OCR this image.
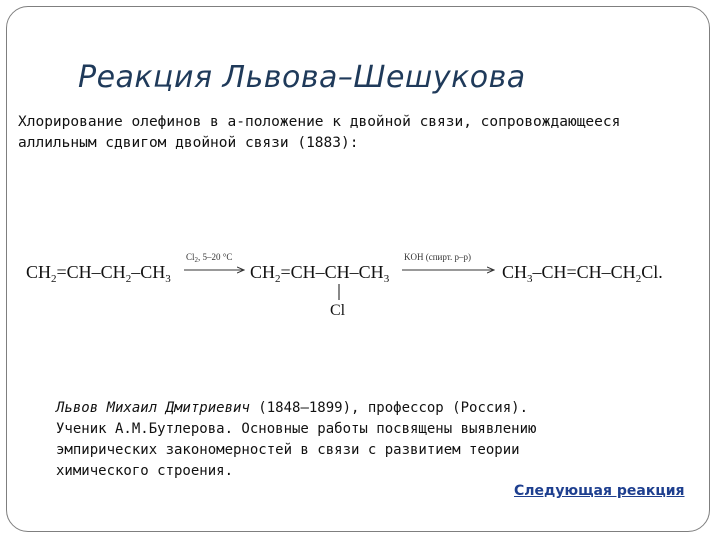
Реакция Львова–Шешукова
Хлорирование олефинов в a-положение к двойной связи, сопровождающееся аллильным сдвигом двойной связи (1883):
$CH_2=CH-CH_2-CH_3$
$Cl_2$, 5–20 °C
$CH_2=CH-CH-CH_3$
Cl
KOH (спирт. р–р)
$CH_3-CH=CH-CH_2Cl$.
Львов Михаил Дмитриевич (1848–1899), профессор (Россия). Ученик А.М.Бутлерова. Основные работы посвящены выявлению эмпирических закономерностей в связи с развитием теории химического строения.
Следующая реакция
